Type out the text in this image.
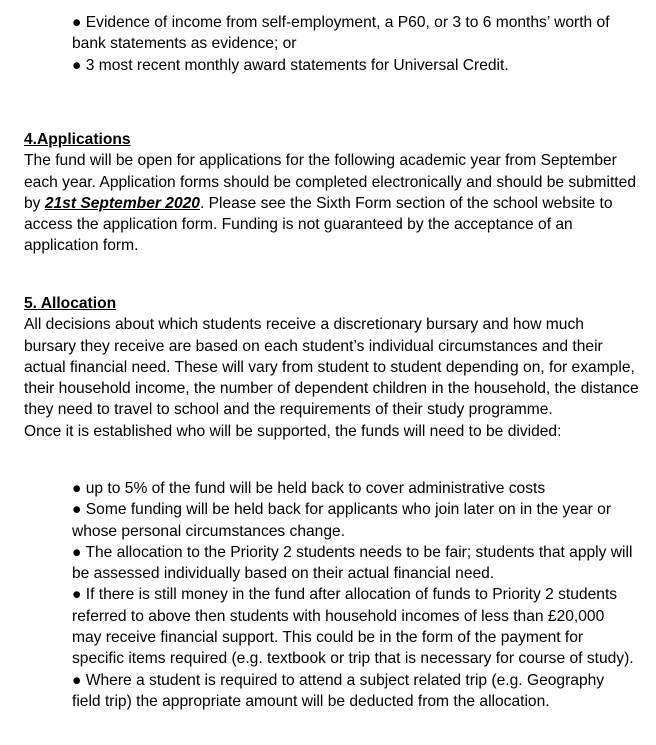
● Evidence of income from self-employment, a P60, or 3 to 6 months’ worth of bank statements as evidence; or

● 3 most recent monthly award statements for Universal Credit.

4.Applications

The fund will be open for applications for the following academic year from September each year. Application forms should be completed electronically and should be submitted by 21st September 2020. Please see the Sixth Form section of the school website to access the application form. Funding is not guaranteed by the acceptance of an application form.

5. Allocation

All decisions about which students receive a discretionary bursary and how much bursary they receive are based on each student’s individual circumstances and their actual financial need. These will vary from student to student depending on, for example, their household income, the number of dependent children in the household, the distance they need to travel to school and the requirements of their study programme.

Once it is established who will be supported, the funds will need to be divided:

● up to 5% of the fund will be held back to cover administrative costs

● Some funding will be held back for applicants who join later on in the year or whose personal circumstances change.

● The allocation to the Priority 2 students needs to be fair; students that apply will be assessed individually based on their actual financial need.

● If there is still money in the fund after allocation of funds to Priority 2 students referred to above then students with household incomes of less than £20,000 may receive financial support. This could be in the form of the payment for specific items required (e.g. textbook or trip that is necessary for course of study).

● Where a student is required to attend a subject related trip (e.g. Geography field trip) the appropriate amount will be deducted from the allocation.
